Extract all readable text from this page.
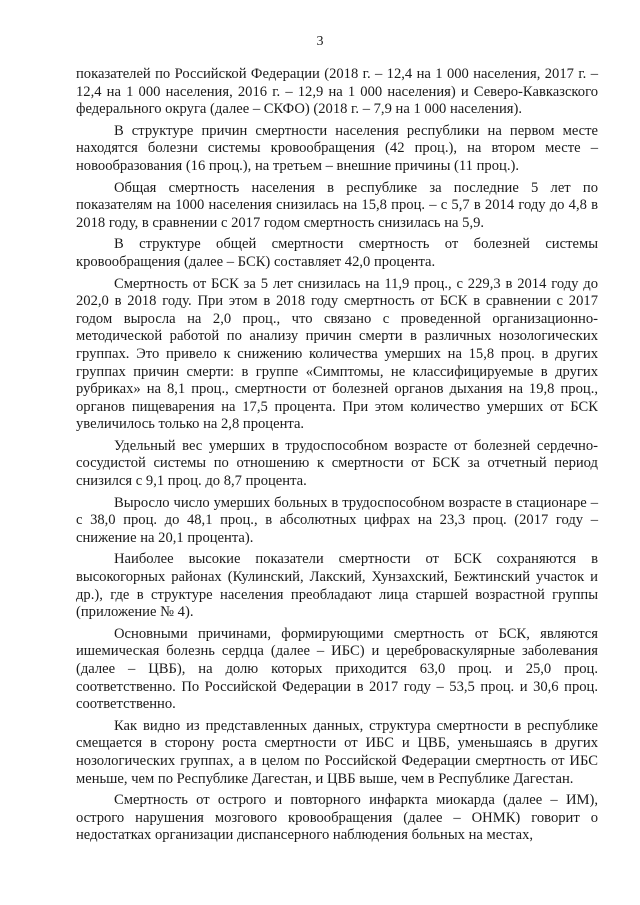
3

показателей по Российской Федерации (2018 г. – 12,4 на 1 000 населения, 2017 г. – 12,4 на 1 000 населения, 2016 г. – 12,9 на 1 000 населения) и Северо-Кавказского федерального округа (далее – СКФО) (2018 г. – 7,9 на 1 000 населения).

В структуре причин смертности населения республики на первом месте находятся болезни системы кровообращения (42 проц.), на втором месте – новообразования (16 проц.), на третьем – внешние причины (11 проц.).

Общая смертность населения в республике за последние 5 лет по показателям на 1000 населения снизилась на 15,8 проц. – с 5,7 в 2014 году до 4,8 в 2018 году, в сравнении с 2017 годом смертность снизилась на 5,9.

В структуре общей смертности смертность от болезней системы кровообращения (далее – БСК) составляет 42,0 процента.

Смертность от БСК за 5 лет снизилась на 11,9 проц., с 229,3 в 2014 году до 202,0 в 2018 году. При этом в 2018 году смертность от БСК в сравнении с 2017 годом выросла на 2,0 проц., что связано с проведенной организационно-методической работой по анализу причин смерти в различных нозологических группах. Это привело к снижению количества умерших на 15,8 проц. в других группах причин смерти: в группе «Симптомы, не классифицируемые в других рубриках» на 8,1 проц., смертности от болезней органов дыхания на 19,8 проц., органов пищеварения на 17,5 процента. При этом количество умерших от БСК увеличилось только на 2,8 процента.

Удельный вес умерших в трудоспособном возрасте от болезней сердечно-сосудистой системы по отношению к смертности от БСК за отчетный период снизился с 9,1 проц. до 8,7 процента.

Выросло число умерших больных в трудоспособном возрасте в стационаре – с 38,0 проц. до 48,1 проц., в абсолютных цифрах на 23,3 проц. (2017 году – снижение на 20,1 процента).

Наиболее высокие показатели смертности от БСК сохраняются в высокогорных районах (Кулинский, Лакский, Хунзахский, Бежтинский участок и др.), где в структуре населения преобладают лица старшей возрастной группы (приложение № 4).

Основными причинами, формирующими смертность от БСК, являются ишемическая болезнь сердца (далее – ИБС) и цереброваскулярные заболевания (далее – ЦВБ), на долю которых приходится 63,0 проц. и 25,0 проц. соответственно. По Российской Федерации в 2017 году – 53,5 проц. и 30,6 проц. соответственно.

Как видно из представленных данных, структура смертности в республике смещается в сторону роста смертности от ИБС и ЦВБ, уменьшаясь в других нозологических группах, а в целом по Российской Федерации смертность от ИБС меньше, чем по Республике Дагестан, и ЦВБ выше, чем в Республике Дагестан.

Смертность от острого и повторного инфаркта миокарда (далее – ИМ), острого нарушения мозгового кровообращения (далее – ОНМК) говорит о недостатках организации диспансерного наблюдения больных на местах,
